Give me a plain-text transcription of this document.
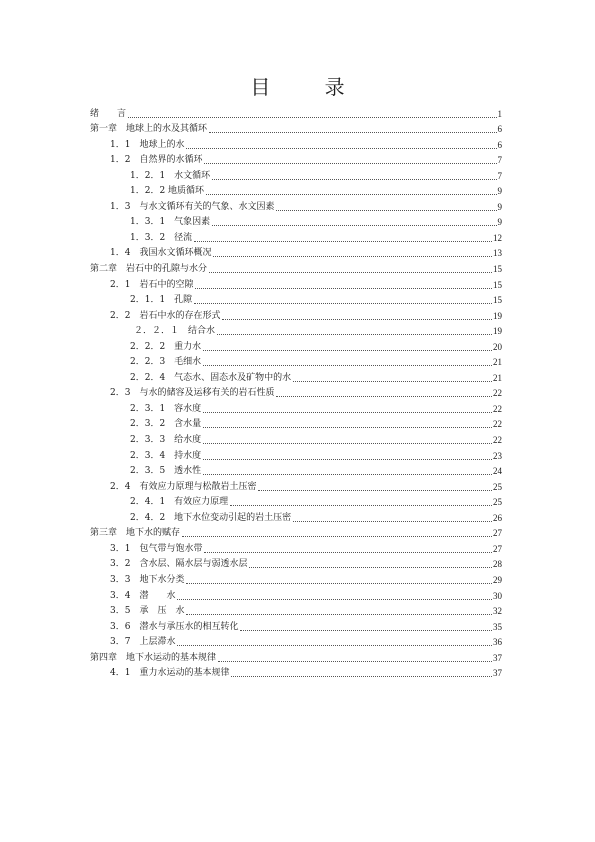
目 录
绪　　言	1
第一章　地球上的水及其循环	6
1．1　地球上的水	6
1．2　自然界的水循环	7
1．2．1　水文循环	7
1．2．2 地质循环	9
1．3　与水文循环有关的气象、水文因素	9
1．3．1　气象因素	9
1．3．2　径流	12
1．4　我国水文循环概况	13
第二章　岩石中的孔隙与水分	15
2．1　岩石中的空隙	15
2．1．1　孔隙	15
2．2　岩石中水的存在形式	19
２．２．１　结合水	19
2．2．2　重力水	20
2．2．3　毛细水	21
2．2．4　气态水、固态水及矿物中的水	21
2．3　与水的储容及运移有关的岩石性质	22
2．3．1　容水度	22
2．3．2　含水量	22
2．3．3　给水度	22
2．3．4　持水度	23
2．3．5　透水性	24
2．4　有效应力原理与松散岩土压密	25
2．4．1　有效应力原理	25
2．4．2　地下水位变动引起的岩土压密	26
第三章　地下水的赋存	27
3．1　包气带与饱水带	27
3．2　含水层、隔水层与弱透水层	28
3．3　地下水分类	29
3．4　潜　　水	30
3．5　承　压　水	32
3．6　潜水与承压水的相互转化	35
3．7　上层滞水	36
第四章　地下水运动的基本规律	37
4．1　重力水运动的基本规律	37
